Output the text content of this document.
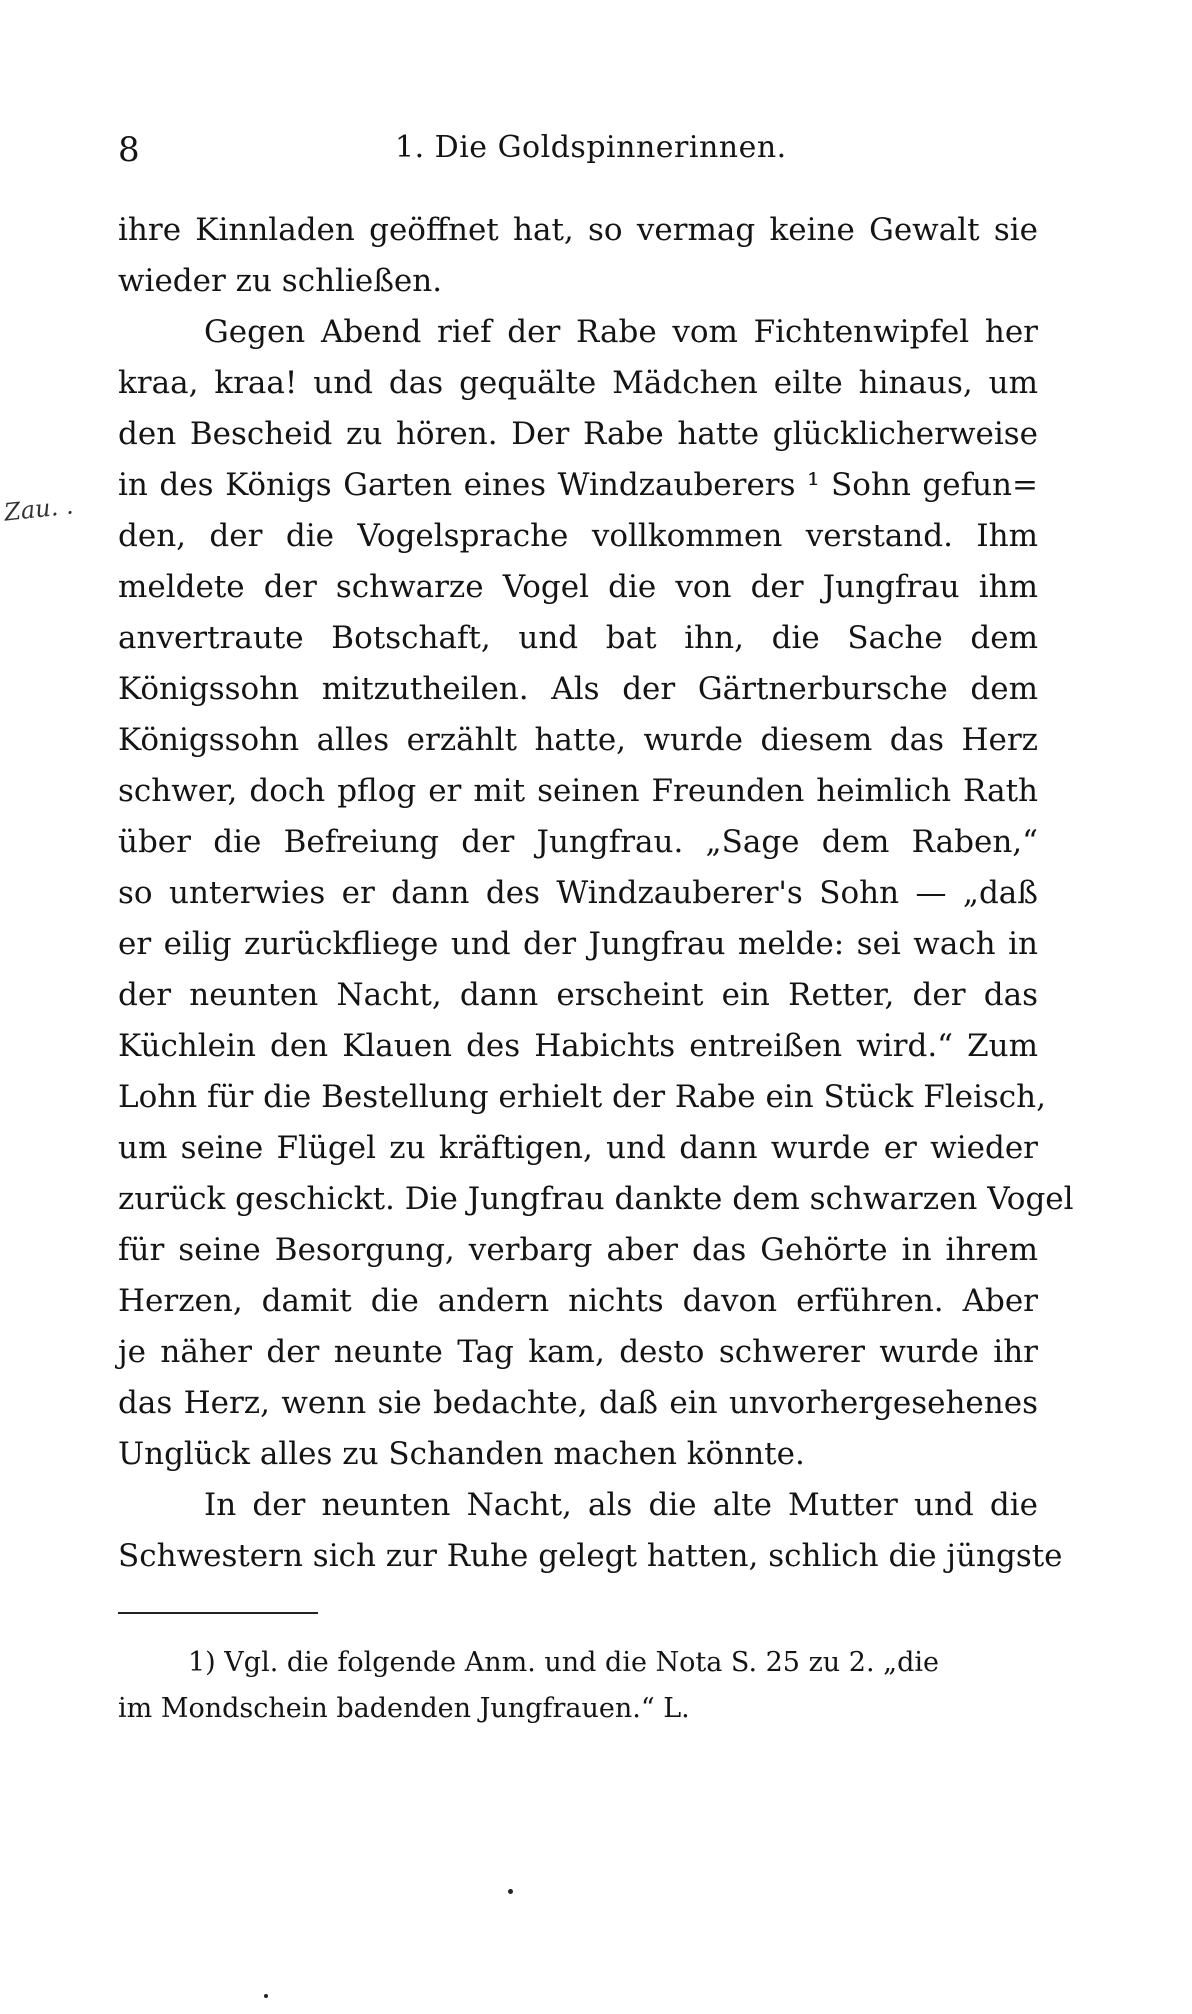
8	1. Die Goldspinnerinnen.
Zau. .
ihre Kinnladen geöffnet hat, so vermag keine Gewalt sie
wieder zu schließen.
Gegen Abend rief der Rabe vom Fichtenwipfel her
kraa, kraa! und das gequälte Mädchen eilte hinaus, um
den Bescheid zu hören. Der Rabe hatte glücklicherweise
in des Königs Garten eines Windzauberers ¹ Sohn gefun=
den, der die Vogelsprache vollkommen verstand. Ihm
meldete der schwarze Vogel die von der Jungfrau ihm
anvertraute Botschaft, und bat ihn, die Sache dem
Königssohn mitzutheilen. Als der Gärtnerbursche dem
Königssohn alles erzählt hatte, wurde diesem das Herz
schwer, doch pflog er mit seinen Freunden heimlich Rath
über die Befreiung der Jungfrau. „Sage dem Raben,“
so unterwies er dann des Windzauberer's Sohn — „daß
er eilig zurückfliege und der Jungfrau melde: sei wach in
der neunten Nacht, dann erscheint ein Retter, der das
Küchlein den Klauen des Habichts entreißen wird.“ Zum
Lohn für die Bestellung erhielt der Rabe ein Stück Fleisch,
um seine Flügel zu kräftigen, und dann wurde er wieder
zurück geschickt. Die Jungfrau dankte dem schwarzen Vogel
für seine Besorgung, verbarg aber das Gehörte in ihrem
Herzen, damit die andern nichts davon erführen. Aber
je näher der neunte Tag kam, desto schwerer wurde ihr
das Herz, wenn sie bedachte, daß ein unvorhergesehenes
Unglück alles zu Schanden machen könnte.
In der neunten Nacht, als die alte Mutter und die
Schwestern sich zur Ruhe gelegt hatten, schlich die jüngste
1) Vgl. die folgende Anm. und die Nota S. 25 zu 2. „die
im Mondschein badenden Jungfrauen.“ L.
